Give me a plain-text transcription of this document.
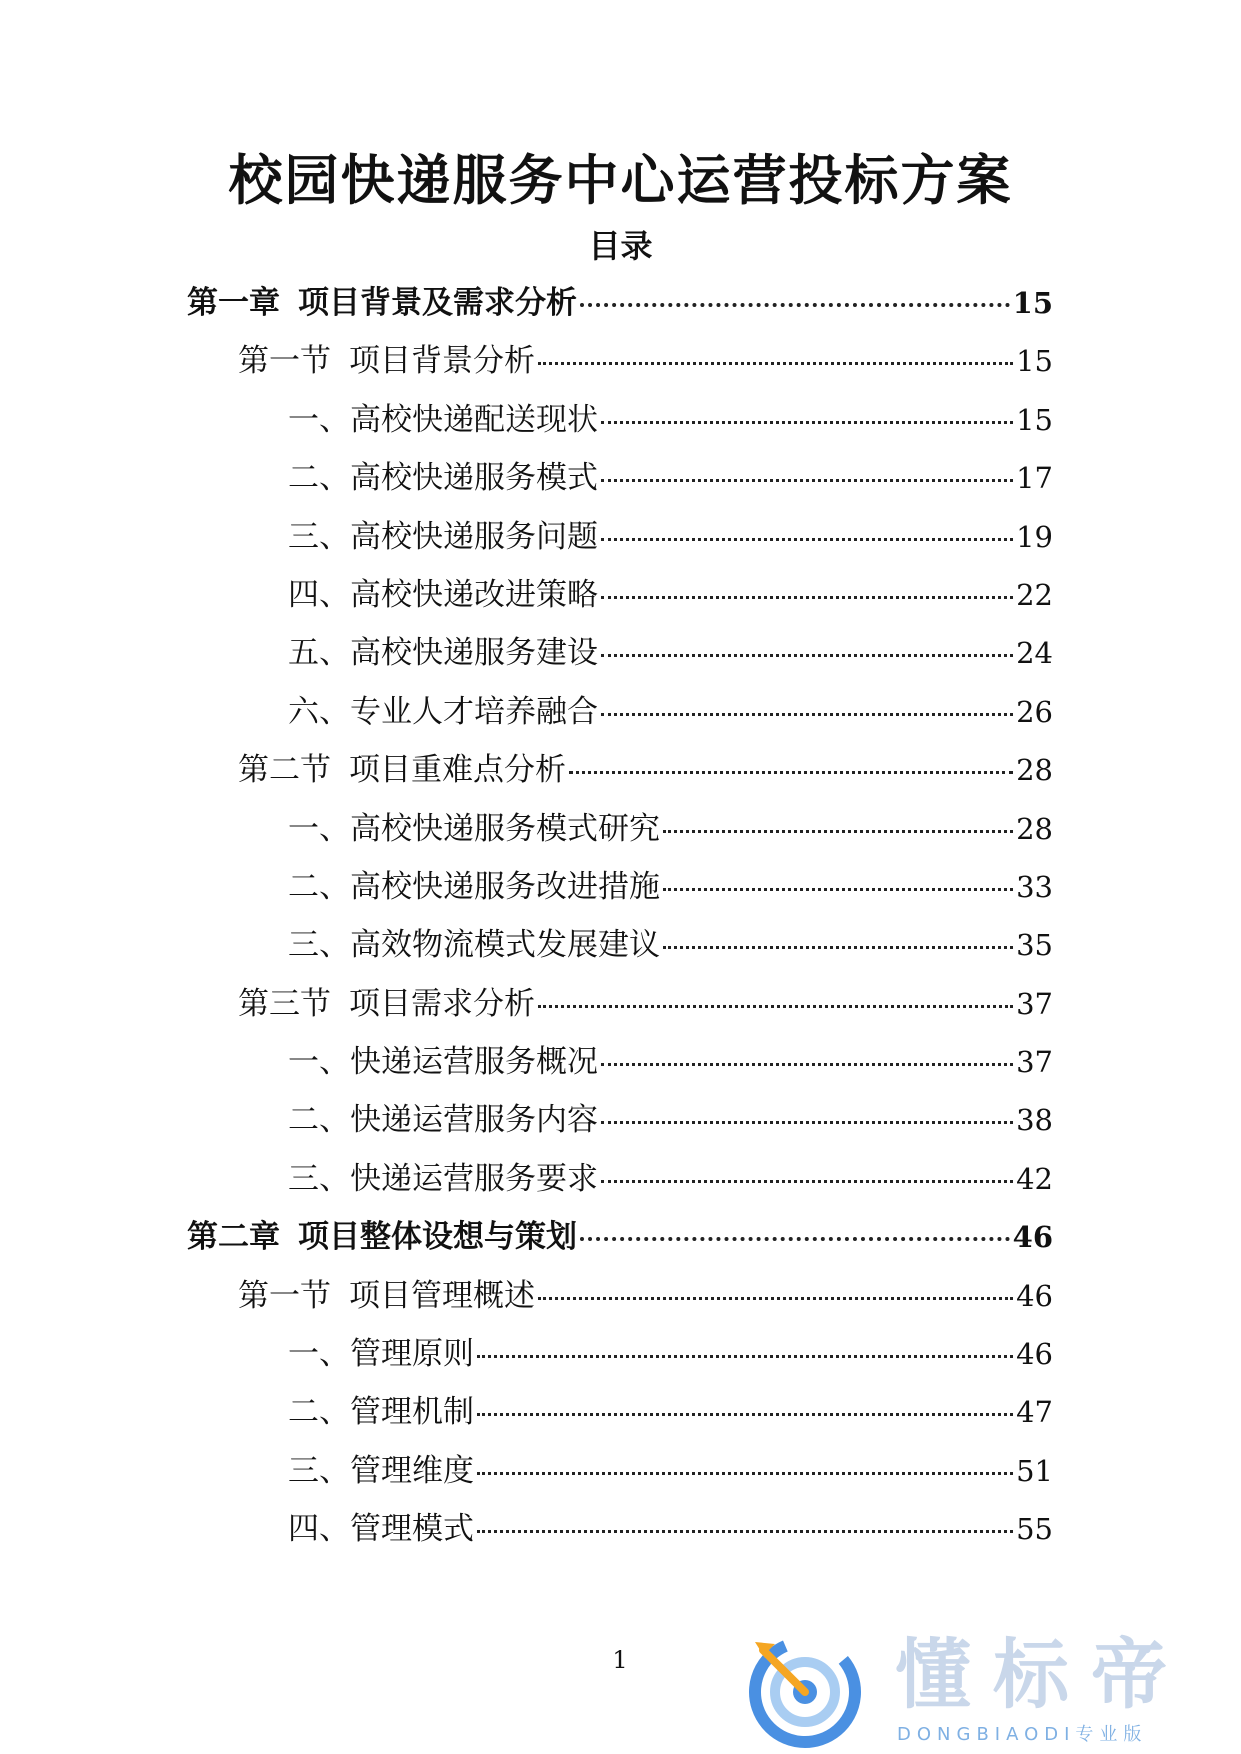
校园快递服务中心运营投标方案
目录
第一章 项目背景及需求分析	15
第一节 项目背景分析	15
一、 高校快递配送现状	15
二、 高校快递服务模式	17
三、 高校快递服务问题	19
四、 高校快递改进策略	22
五、 高校快递服务建设	24
六、 专业人才培养融合	26
第二节 项目重难点分析	28
一、 高校快递服务模式研究	28
二、 高校快递服务改进措施	33
三、 高效物流模式发展建议	35
第三节 项目需求分析	37
一、 快递运营服务概况	37
二、 快递运营服务内容	38
三、 快递运营服务要求	42
第二章 项目整体设想与策划	46
第一节 项目管理概述	46
一、 管理原则	46
二、 管理机制	47
三、 管理维度	51
四、 管理模式	55
1	懂标帝
DONGBIAODI专业版
